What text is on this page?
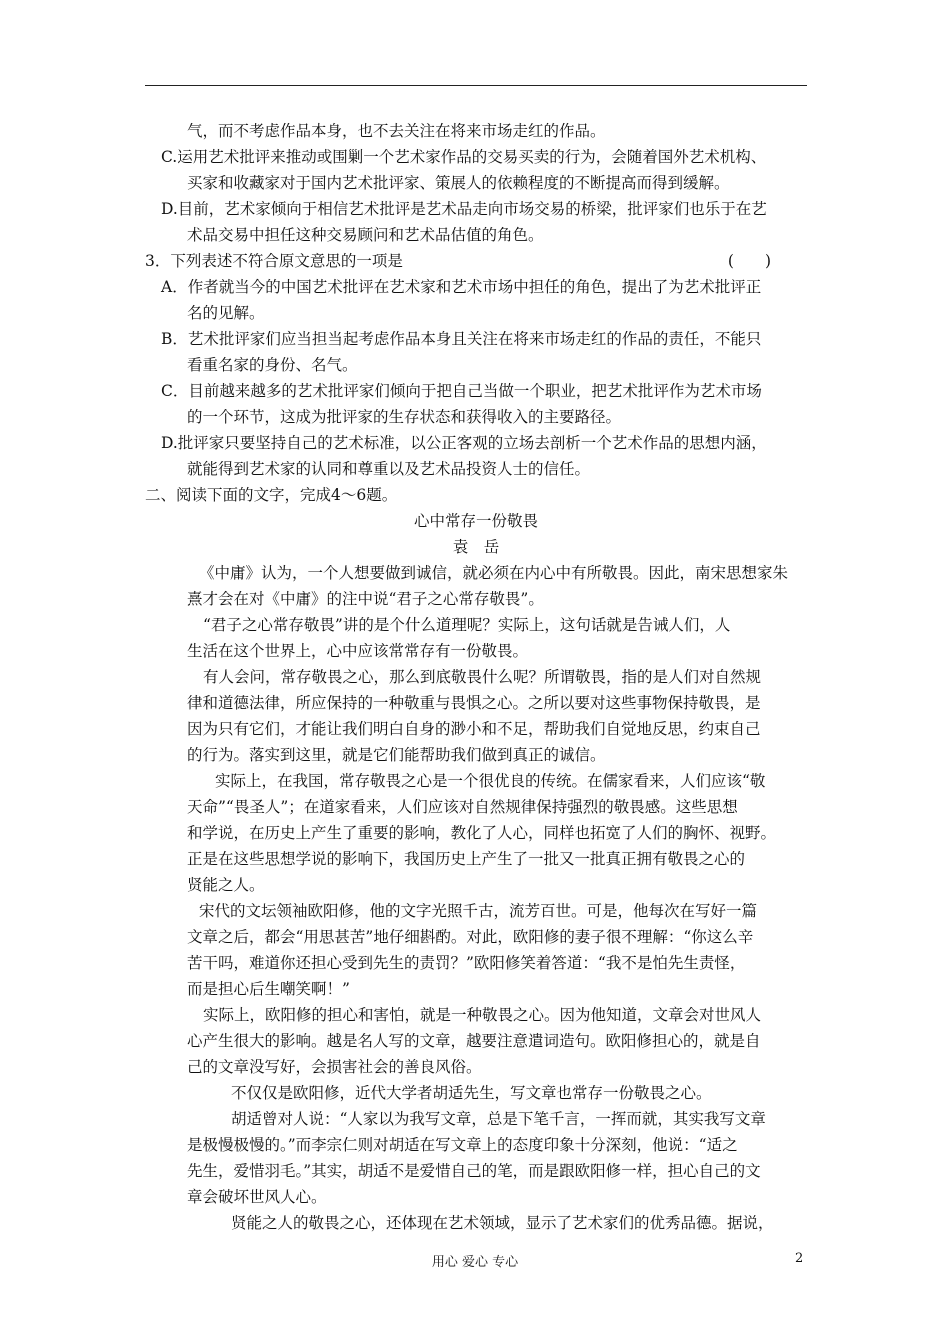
气，而不考虑作品本身，也不去关注在将来市场走红的作品。
C.运用艺术批评来推动或围剿一个艺术家作品的交易买卖的行为，会随着国外艺术机构、
买家和收藏家对于国内艺术批评家、策展人的依赖程度的不断提高而得到缓解。
D.目前，艺术家倾向于相信艺术批评是艺术品走向市场交易的桥梁，批评家们也乐于在艺
术品交易中担任这种交易顾问和艺术品估值的角色。
3．下列表述不符合原文意思的一项是	(　　)
A．作者就当今的中国艺术批评在艺术家和艺术市场中担任的角色，提出了为艺术批评正
名的见解。
B．艺术批评家们应当担当起考虑作品本身且关注在将来市场走红的作品的责任，不能只
看重名家的身份、名气。
C．目前越来越多的艺术批评家们倾向于把自己当做一个职业，把艺术批评作为艺术市场
的一个环节，这成为批评家的生存状态和获得收入的主要路径。
D.批评家只要坚持自己的艺术标准，以公正客观的立场去剖析一个艺术作品的思想内涵，
就能得到艺术家的认同和尊重以及艺术品投资人士的信任。
二、阅读下面的文字，完成4～6题。
心中常存一份敬畏
袁　岳
《中庸》认为，一个人想要做到诚信，就必须在内心中有所敬畏。因此，南宋思想家朱
熹才会在对《中庸》的注中说“君子之心常存敬畏”。
“君子之心常存敬畏”讲的是个什么道理呢？实际上，这句话就是告诫人们，人
生活在这个世界上，心中应该常常存有一份敬畏。
有人会问，常存敬畏之心，那么到底敬畏什么呢？所谓敬畏，指的是人们对自然规
律和道德法律，所应保持的一种敬重与畏惧之心。之所以要对这些事物保持敬畏，是
因为只有它们，才能让我们明白自身的渺小和不足，帮助我们自觉地反思，约束自己
的行为。落实到这里，就是它们能帮助我们做到真正的诚信。
实际上，在我国，常存敬畏之心是一个很优良的传统。在儒家看来，人们应该“敬
天命”“畏圣人”；在道家看来，人们应该对自然规律保持强烈的敬畏感。这些思想
和学说，在历史上产生了重要的影响，教化了人心，同样也拓宽了人们的胸怀、视野。
正是在这些思想学说的影响下，我国历史上产生了一批又一批真正拥有敬畏之心的
贤能之人。
宋代的文坛领袖欧阳修，他的文字光照千古，流芳百世。可是，他每次在写好一篇
文章之后，都会“用思甚苦”地仔细斟酌。对此，欧阳修的妻子很不理解：“你这么辛
苦干吗，难道你还担心受到先生的责罚？”欧阳修笑着答道：“我不是怕先生责怪，
而是担心后生嘲笑啊！”
实际上，欧阳修的担心和害怕，就是一种敬畏之心。因为他知道，文章会对世风人
心产生很大的影响。越是名人写的文章，越要注意遣词造句。欧阳修担心的，就是自
己的文章没写好，会损害社会的善良风俗。
不仅仅是欧阳修，近代大学者胡适先生，写文章也常存一份敬畏之心。
胡适曾对人说：“人家以为我写文章，总是下笔千言，一挥而就，其实我写文章
是极慢极慢的。”而李宗仁则对胡适在写文章上的态度印象十分深刻，他说：“适之
先生，爱惜羽毛。”其实，胡适不是爱惜自己的笔，而是跟欧阳修一样，担心自己的文
章会破坏世风人心。
贤能之人的敬畏之心，还体现在艺术领域，显示了艺术家们的优秀品德。据说，
用心 爱心 专心	2
